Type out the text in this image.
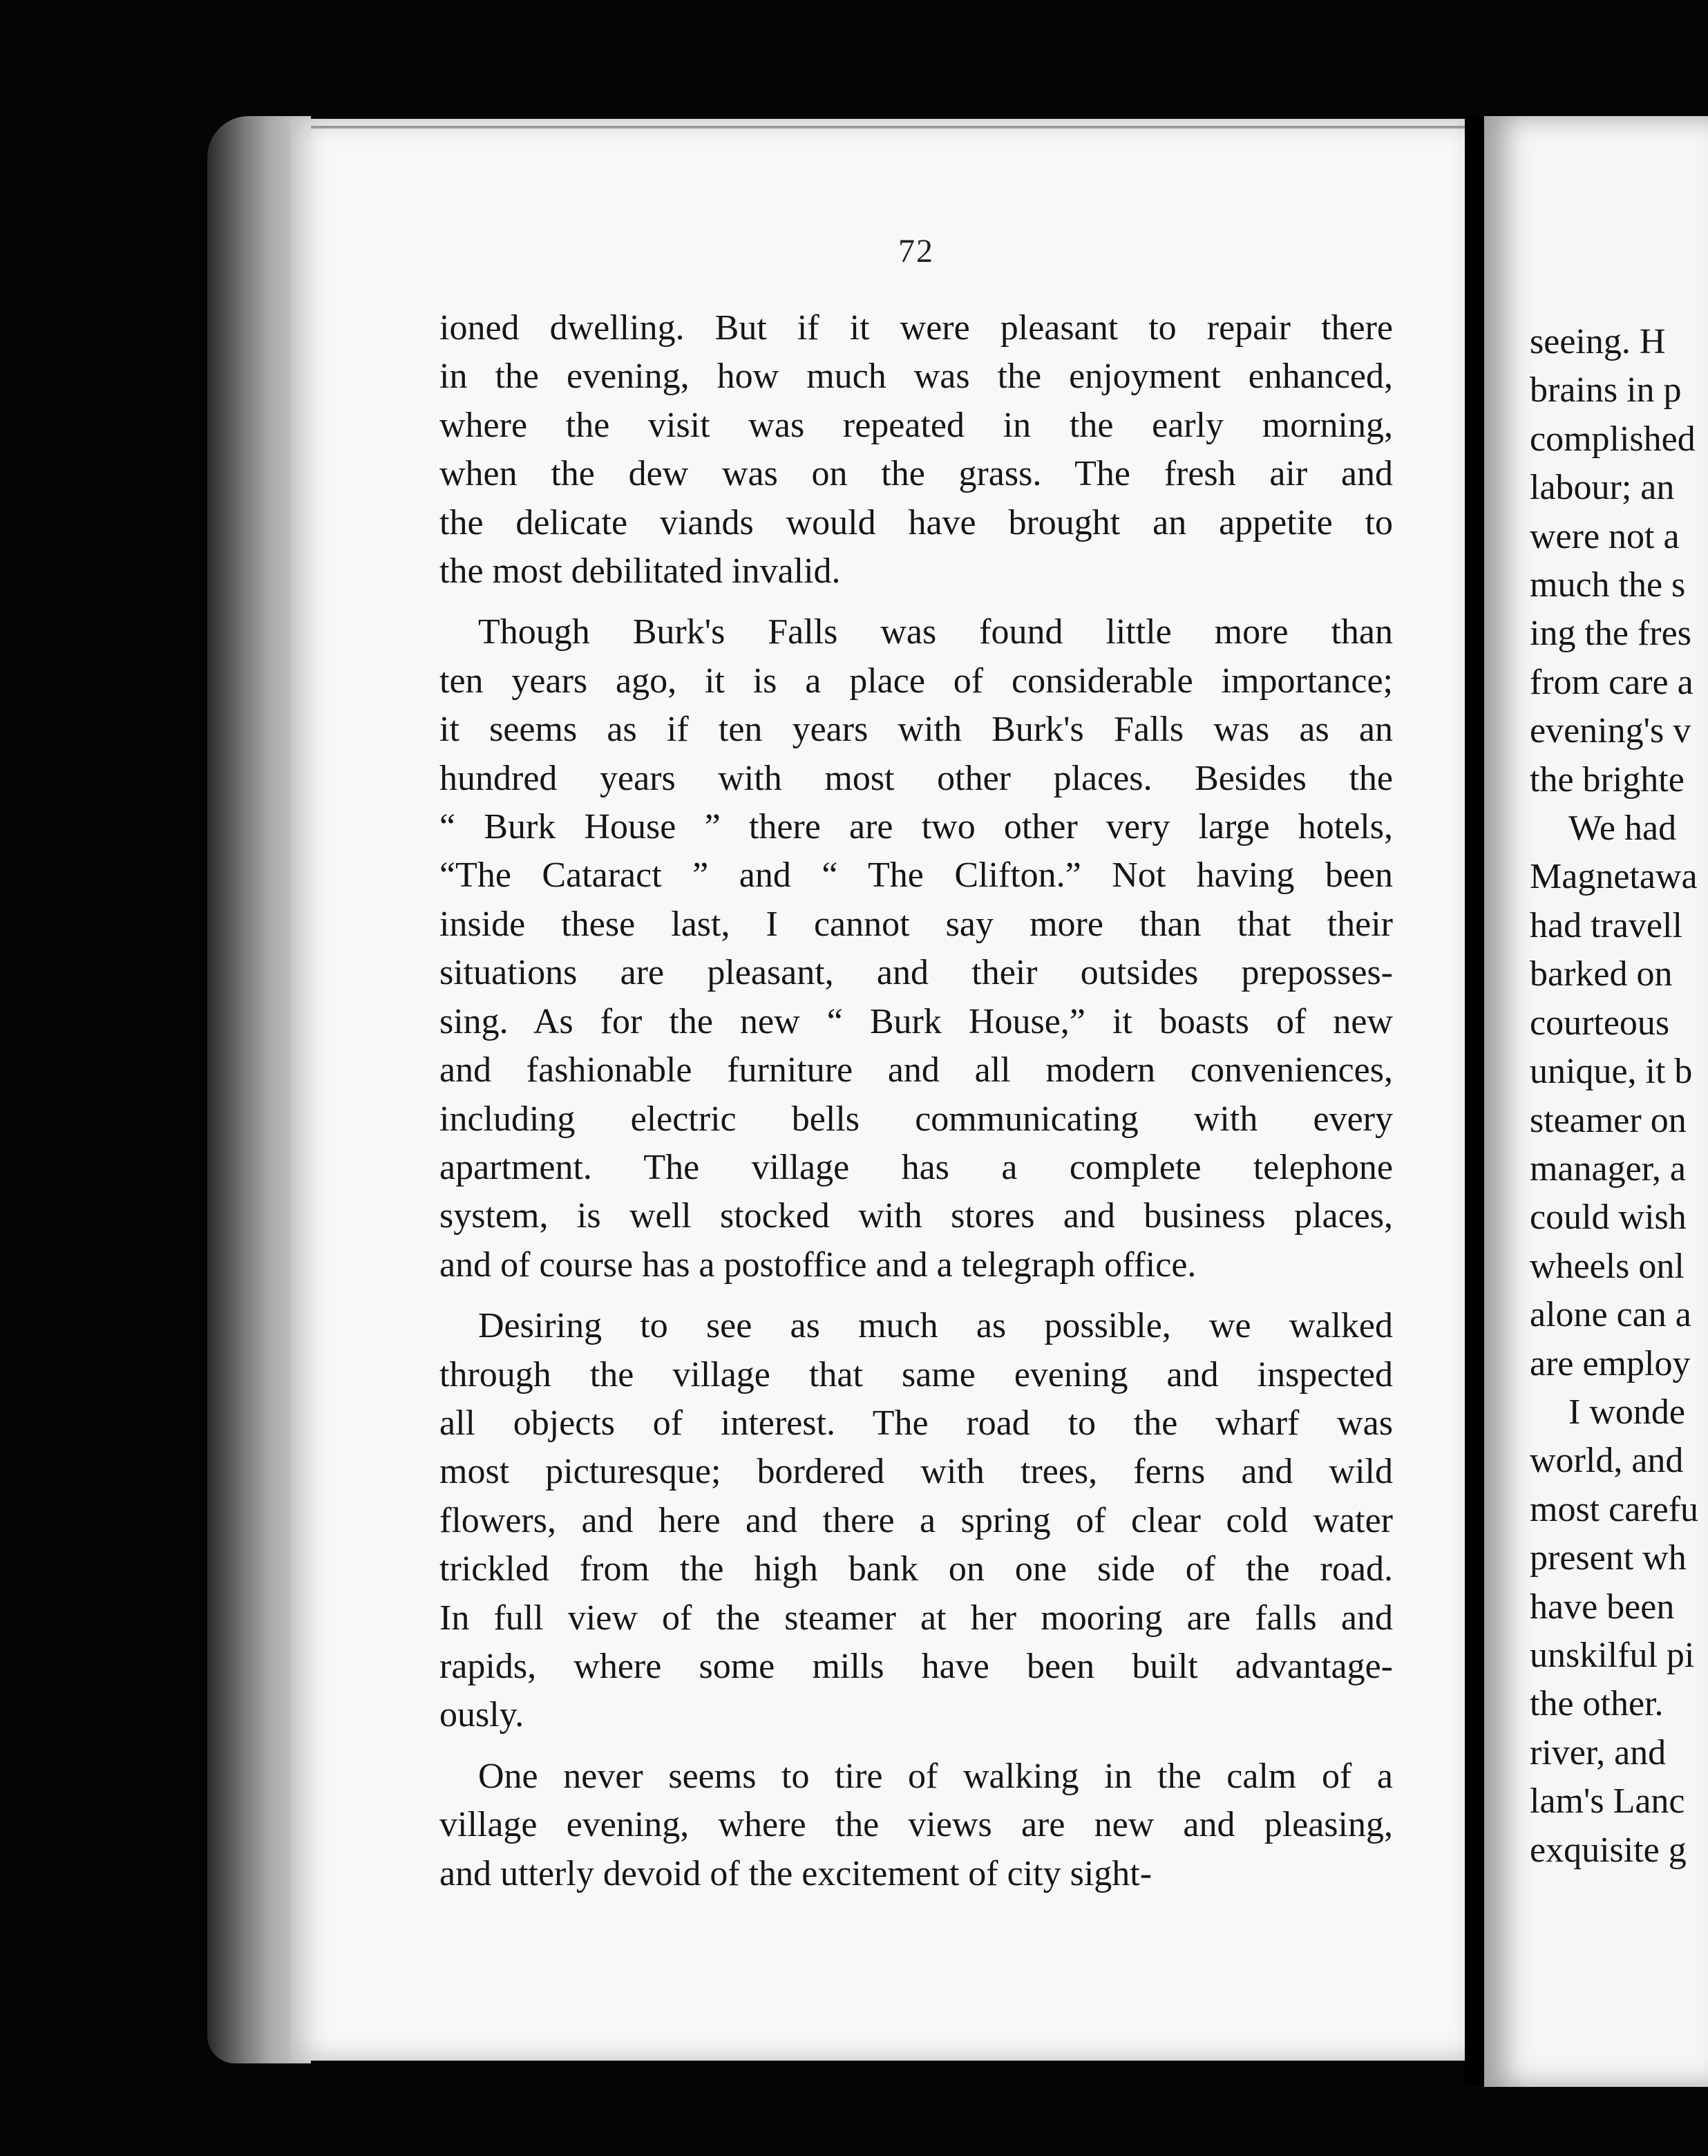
72
ioned dwelling. But if it were pleasant to repair there
in the evening, how much was the enjoyment enhanced,
where the visit was repeated in the early morning,
when the dew was on the grass. The fresh air and
the delicate viands would have brought an appetite to
the most debilitated invalid.
Though Burk's Falls was found little more than
ten years ago, it is a place of considerable importance;
it seems as if ten years with Burk's Falls was as an
hundred years with most other places. Besides the
“ Burk House ” there are two other very large hotels,
“The Cataract ” and “ The Clifton.” Not having been
inside these last, I cannot say more than that their
situations are pleasant, and their outsides preposses-
sing. As for the new “ Burk House,” it boasts of new
and fashionable furniture and all modern conveniences,
including electric bells communicating with every
apartment. The village has a complete telephone
system, is well stocked with stores and business places,
and of course has a postoffice and a telegraph office.
Desiring to see as much as possible, we walked
through the village that same evening and inspected
all objects of interest. The road to the wharf was
most picturesque; bordered with trees, ferns and wild
flowers, and here and there a spring of clear cold water
trickled from the high bank on one side of the road.
In full view of the steamer at her mooring are falls and
rapids, where some mills have been built advantage-
ously.
One never seems to tire of walking in the calm of a
village evening, where the views are new and pleasing,
and utterly devoid of the excitement of city sight-
seeing. H
brains in p
complished
labour; an
were not a
much the s
ing the fres
from care a
evening's v
the brighte
We had
Magnetawa
had travell
barked on
courteous
unique, it b
steamer on
manager, a
could wish
wheels onl
alone can a
are employ
I wonde
world, and
most carefu
present wh
have been
unskilful pi
the other.
river, and
lam's Lanc
exquisite g
